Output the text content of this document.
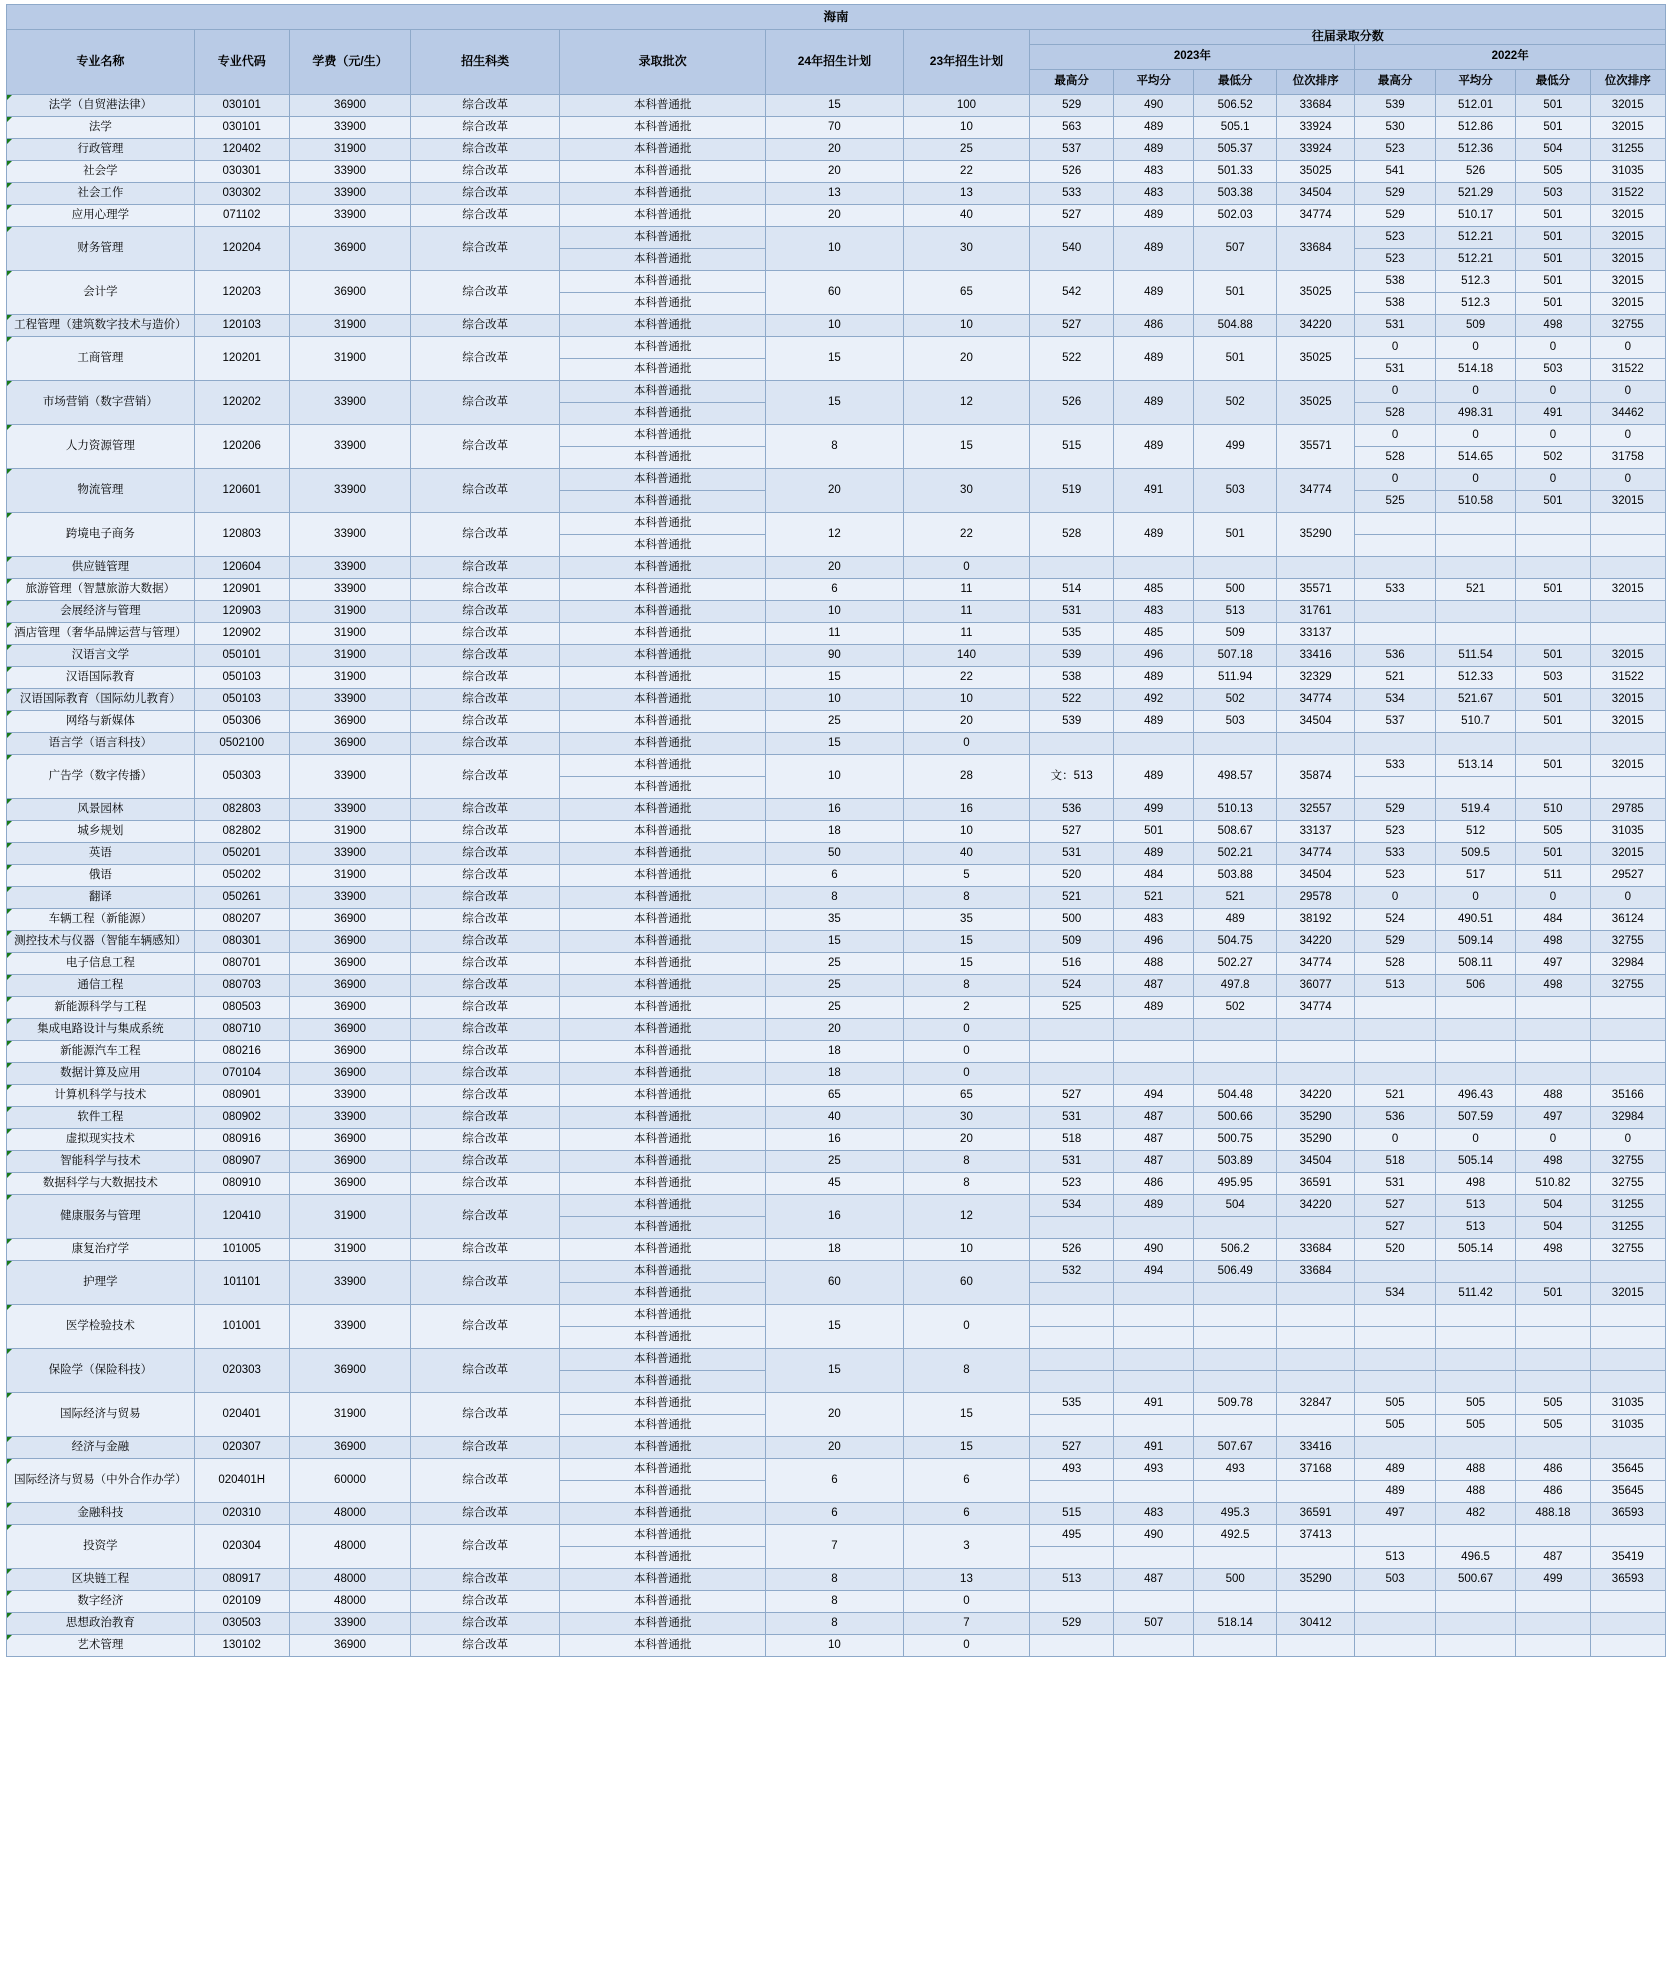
海南														
专业名称	专业代码	学费（元/生）	招生科类	录取批次	24年招生计划	23年招生计划	往届录取分数							
							2023年				2022年			
							最高分	平均分	最低分	位次排序	最高分	平均分	最低分	位次排序
法学（自贸港法律）	030101	36900	综合改革	本科普通批	15	100	529	490	506.52	33684	539	512.01	501	32015
法学	030101	33900	综合改革	本科普通批	70	10	563	489	505.1	33924	530	512.86	501	32015
行政管理	120402	31900	综合改革	本科普通批	20	25	537	489	505.37	33924	523	512.36	504	31255
社会学	030301	33900	综合改革	本科普通批	20	22	526	483	501.33	35025	541	526	505	31035
社会工作	030302	33900	综合改革	本科普通批	13	13	533	483	503.38	34504	529	521.29	503	31522
应用心理学	071102	33900	综合改革	本科普通批	20	40	527	489	502.03	34774	529	510.17	501	32015
财务管理	120204	36900	综合改革	本科普通批	10	30	540	489	507	33684	523	512.21	501	32015
				本科普通批							523	512.21	501	32015
会计学	120203	36900	综合改革	本科普通批	60	65	542	489	501	35025	538	512.3	501	32015
				本科普通批							538	512.3	501	32015
工程管理（建筑数字技术与造价）	120103	31900	综合改革	本科普通批	10	10	527	486	504.88	34220	531	509	498	32755
工商管理	120201	31900	综合改革	本科普通批	15	20	522	489	501	35025	0	0	0	0
				本科普通批							531	514.18	503	31522
市场营销（数字营销）	120202	33900	综合改革	本科普通批	15	12	526	489	502	35025	0	0	0	0
				本科普通批							528	498.31	491	34462
人力资源管理	120206	33900	综合改革	本科普通批	8	15	515	489	499	35571	0	0	0	0
				本科普通批							528	514.65	502	31758
物流管理	120601	33900	综合改革	本科普通批	20	30	519	491	503	34774	0	0	0	0
				本科普通批							525	510.58	501	32015
跨境电子商务	120803	33900	综合改革	本科普通批	12	22	528	489	501	35290				
				本科普通批										
供应链管理	120604	33900	综合改革	本科普通批	20	0								
旅游管理（智慧旅游大数据）	120901	33900	综合改革	本科普通批	6	11	514	485	500	35571	533	521	501	32015
会展经济与管理	120903	31900	综合改革	本科普通批	10	11	531	483	513	31761				
酒店管理（奢华品牌运营与管理）	120902	31900	综合改革	本科普通批	11	11	535	485	509	33137				
汉语言文学	050101	31900	综合改革	本科普通批	90	140	539	496	507.18	33416	536	511.54	501	32015
汉语国际教育	050103	31900	综合改革	本科普通批	15	22	538	489	511.94	32329	521	512.33	503	31522
汉语国际教育（国际幼儿教育）	050103	33900	综合改革	本科普通批	10	10	522	492	502	34774	534	521.67	501	32015
网络与新媒体	050306	36900	综合改革	本科普通批	25	20	539	489	503	34504	537	510.7	501	32015
语言学（语言科技）	0502100	36900	综合改革	本科普通批	15	0								
广告学（数字传播）	050303	33900	综合改革	本科普通批	10	28	文：513	489	498.57	35874	533	513.14	501	32015
				本科普通批										
风景园林	082803	33900	综合改革	本科普通批	16	16	536	499	510.13	32557	529	519.4	510	29785
城乡规划	082802	31900	综合改革	本科普通批	18	10	527	501	508.67	33137	523	512	505	31035
英语	050201	33900	综合改革	本科普通批	50	40	531	489	502.21	34774	533	509.5	501	32015
俄语	050202	31900	综合改革	本科普通批	6	5	520	484	503.88	34504	523	517	511	29527
翻译	050261	33900	综合改革	本科普通批	8	8	521	521	521	29578	0	0	0	0
车辆工程（新能源）	080207	36900	综合改革	本科普通批	35	35	500	483	489	38192	524	490.51	484	36124
测控技术与仪器（智能车辆感知）	080301	36900	综合改革	本科普通批	15	15	509	496	504.75	34220	529	509.14	498	32755
电子信息工程	080701	36900	综合改革	本科普通批	25	15	516	488	502.27	34774	528	508.11	497	32984
通信工程	080703	36900	综合改革	本科普通批	25	8	524	487	497.8	36077	513	506	498	32755
新能源科学与工程	080503	36900	综合改革	本科普通批	25	2	525	489	502	34774				
集成电路设计与集成系统	080710	36900	综合改革	本科普通批	20	0								
新能源汽车工程	080216	36900	综合改革	本科普通批	18	0								
数据计算及应用	070104	36900	综合改革	本科普通批	18	0								
计算机科学与技术	080901	33900	综合改革	本科普通批	65	65	527	494	504.48	34220	521	496.43	488	35166
软件工程	080902	33900	综合改革	本科普通批	40	30	531	487	500.66	35290	536	507.59	497	32984
虚拟现实技术	080916	36900	综合改革	本科普通批	16	20	518	487	500.75	35290	0	0	0	0
智能科学与技术	080907	36900	综合改革	本科普通批	25	8	531	487	503.89	34504	518	505.14	498	32755
数据科学与大数据技术	080910	36900	综合改革	本科普通批	45	8	523	486	495.95	36591	531	498	510.82	32755
健康服务与管理	120410	31900	综合改革	本科普通批	16	12	534	489	504	34220	527	513	504	31255
				本科普通批							527	513	504	31255
康复治疗学	101005	31900	综合改革	本科普通批	18	10	526	490	506.2	33684	520	505.14	498	32755
护理学	101101	33900	综合改革	本科普通批	60	60	532	494	506.49	33684				
				本科普通批							534	511.42	501	32015
医学检验技术	101001	33900	综合改革	本科普通批	15	0								
				本科普通批										
保险学（保险科技）	020303	36900	综合改革	本科普通批	15	8								
				本科普通批										
国际经济与贸易	020401	31900	综合改革	本科普通批	20	15	535	491	509.78	32847	505	505	505	31035
				本科普通批							505	505	505	31035
经济与金融	020307	36900	综合改革	本科普通批	20	15	527	491	507.67	33416				
国际经济与贸易（中外合作办学）	020401H	60000	综合改革	本科普通批	6	6	493	493	493	37168	489	488	486	35645
				本科普通批							489	488	486	35645
金融科技	020310	48000	综合改革	本科普通批	6	6	515	483	495.3	36591	497	482	488.18	36593
投资学	020304	48000	综合改革	本科普通批	7	3	495	490	492.5	37413				
				本科普通批							513	496.5	487	35419
区块链工程	080917	48000	综合改革	本科普通批	8	13	513	487	500	35290	503	500.67	499	36593
数字经济	020109	48000	综合改革	本科普通批	8	0								
思想政治教育	030503	33900	综合改革	本科普通批	8	7	529	507	518.14	30412				
艺术管理	130102	36900	综合改革	本科普通批	10	0								
